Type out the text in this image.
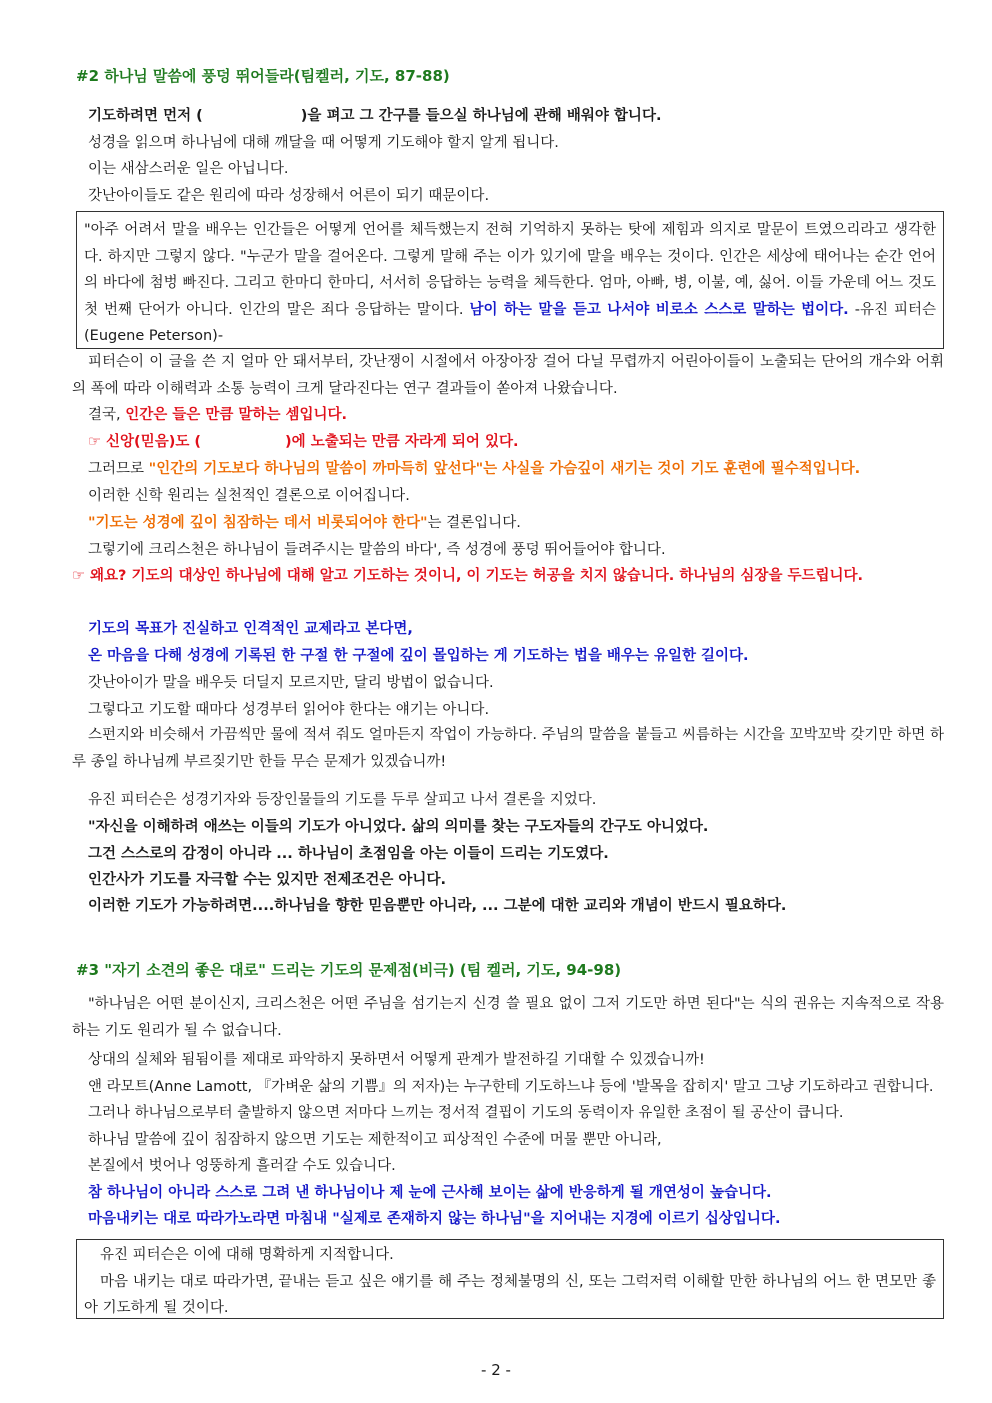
#2 하나님 말씀에 풍덩 뛰어들라(팀켈러, 기도, 87-88)
기도하려면 먼저 (	)을 펴고 그 간구를 들으실 하나님에 관해 배워야 합니다.
성경을 읽으며 하나님에 대해 깨달을 때 어떻게 기도해야 할지 알게 됩니다.
이는 새삼스러운 일은 아닙니다.
갓난아이들도 같은 원리에 따라 성장해서 어른이 되기 때문이다.
"아주 어려서 말을 배우는 인간들은 어떻게 언어를 체득했는지 전혀 기억하지 못하는 탓에 제힘과 의지로 말문이 트였으리라고 생각한다. 하지만 그렇지 않다. "누군가 말을 걸어온다. 그렇게 말해 주는 이가 있기에 말을 배우는 것이다. 인간은 세상에 태어나는 순간 언어의 바다에 첨벙 빠진다. 그리고 한마디 한마디, 서서히 응답하는 능력을 체득한다. 엄마, 아빠, 병, 이불, 예, 싫어. 이들 가운데 어느 것도 첫 번째 단어가 아니다. 인간의 말은 죄다 응답하는 말이다. 남이 하는 말을 듣고 나서야 비로소 스스로 말하는 법이다. -유진 피터슨(Eugene Peterson)-
피터슨이 이 글을 쓴 지 얼마 안 돼서부터, 갓난쟁이 시절에서 아장아장 걸어 다닐 무렵까지 어린아이들이 노출되는 단어의 개수와 어휘의 폭에 따라 이해력과 소통 능력이 크게 달라진다는 연구 결과들이 쏟아져 나왔습니다.
결국, 인간은 들은 만큼 말하는 셈입니다.
☞ 신앙(믿음)도 (	)에 노출되는 만큼 자라게 되어 있다.
그러므로 "인간의 기도보다 하나님의 말씀이 까마득히 앞선다"는 사실을 가슴깊이 새기는 것이 기도 훈련에 필수적입니다.
이러한 신학 원리는 실천적인 결론으로 이어집니다.
"기도는 성경에 깊이 침잠하는 데서 비롯되어야 한다"는 결론입니다.
그렇기에 크리스천은 하나님이 들려주시는 말씀의 바다', 즉 성경에 풍덩 뛰어들어야 합니다.
☞ 왜요? 기도의 대상인 하나님에 대해 알고 기도하는 것이니, 이 기도는 허공을 치지 않습니다. 하나님의 심장을 두드립니다.
기도의 목표가 진실하고 인격적인 교제라고 본다면,
온 마음을 다해 성경에 기록된 한 구절 한 구절에 깊이 몰입하는 게 기도하는 법을 배우는 유일한 길이다.
갓난아이가 말을 배우듯 더딜지 모르지만, 달리 방법이 없습니다.
그렇다고 기도할 때마다 성경부터 읽어야 한다는 얘기는 아니다.
스펀지와 비슷해서 가끔씩만 물에 적셔 줘도 얼마든지 작업이 가능하다. 주님의 말씀을 붙들고 씨름하는 시간을 꼬박꼬박 갖기만 하면 하루 종일 하나님께 부르짖기만 한들 무슨 문제가 있겠습니까!
유진 피터슨은 성경기자와 등장인물들의 기도를 두루 살피고 나서 결론을 지었다.
"자신을 이해하려 애쓰는 이들의 기도가 아니었다. 삶의 의미를 찾는 구도자들의 간구도 아니었다.
그건 스스로의 감정이 아니라 ... 하나님이 초점임을 아는 이들이 드리는 기도였다.
인간사가 기도를 자극할 수는 있지만 전제조건은 아니다.
이러한 기도가 가능하려면....하나님을 향한 믿음뿐만 아니라, ... 그분에 대한 교리와 개념이 반드시 필요하다.
#3 "자기 소견의 좋은 대로" 드리는 기도의 문제점(비극) (팀 켈러, 기도, 94-98)
"하나님은 어떤 분이신지, 크리스천은 어떤 주님을 섬기는지 신경 쓸 필요 없이 그저 기도만 하면 된다"는 식의 권유는 지속적으로 작용하는 기도 원리가 될 수 없습니다.
상대의 실체와 됨됨이를 제대로 파악하지 못하면서 어떻게 관계가 발전하길 기대할 수 있겠습니까!
앤 라모트(Anne Lamott, 『가벼운 삶의 기쁨』의 저자)는 누구한테 기도하느냐 등에 '발목을 잡히지' 말고 그냥 기도하라고 권합니다.
그러나 하나님으로부터 출발하지 않으면 저마다 느끼는 정서적 결핍이 기도의 동력이자 유일한 초점이 될 공산이 큽니다.
하나님 말씀에 깊이 침잠하지 않으면 기도는 제한적이고 피상적인 수준에 머물 뿐만 아니라,
본질에서 벗어나 엉뚱하게 흘러갈 수도 있습니다.
참 하나님이 아니라 스스로 그려 낸 하나님이나 제 눈에 근사해 보이는 삶에 반응하게 될 개연성이 높습니다.
마음내키는 대로 따라가노라면 마침내 "실제로 존재하지 않는 하나님"을 지어내는 지경에 이르기 십상입니다.
유진 피터슨은 이에 대해 명확하게 지적합니다.
마음 내키는 대로 따라가면, 끝내는 듣고 싶은 얘기를 해 주는 정체불명의 신, 또는 그럭저럭 이해할 만한 하나님의 어느 한 면모만 좋아 기도하게 될 것이다.
- 2 -
